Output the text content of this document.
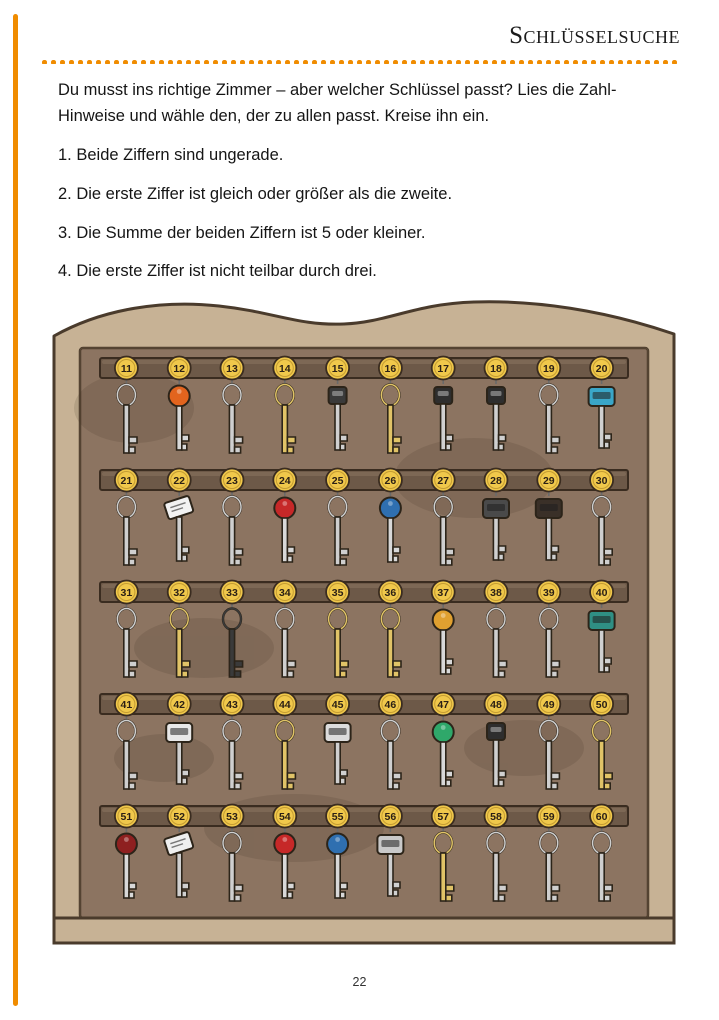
Schlüsselsuche

Du musst ins richtige Zimmer – aber welcher Schlüssel passt? Lies die Zahl-Hinweise und wähle den, der zu allen passt. Kreise ihn ein.

1. Beide Ziffern sind ungerade.

2. Die erste Ziffer ist gleich oder größer als die zweite.

3. Die Summe der beiden Ziffern ist 5 oder kleiner.

4. Die erste Ziffer ist nicht teilbar durch drei.

11	12	13	14	15	16	17	18	19	20
21	22	23	24	25	26	27	28	29	30
31	32	33	34	35	36	37	38	39	40
41	42	43	44	45	46	47	48	49	50
51	52	53	54	55	56	57	58	59	60
22
